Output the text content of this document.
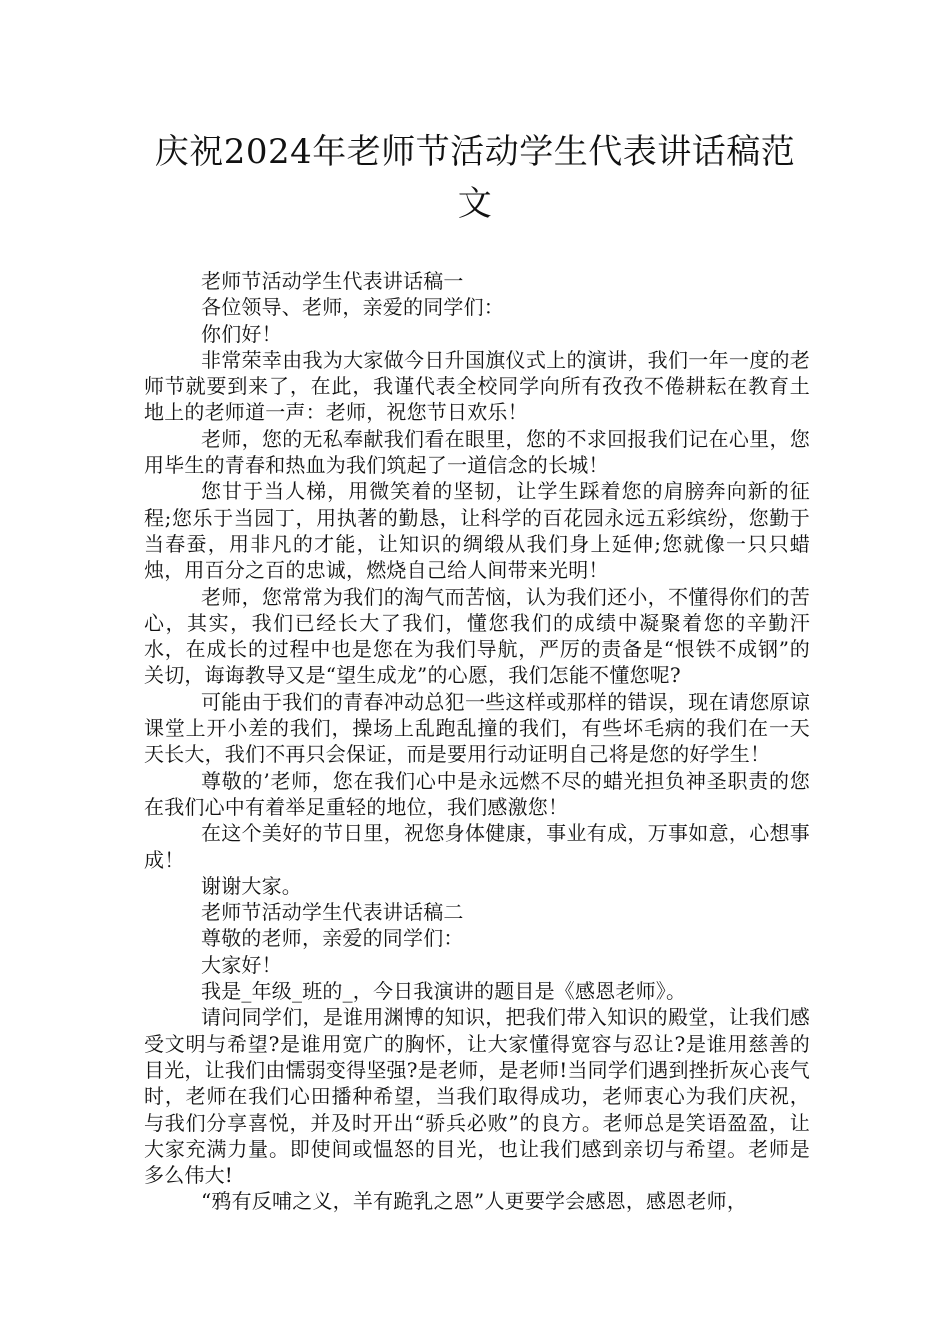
庆祝2024年老师节活动学生代表讲话稿范文

老师节活动学生代表讲话稿一

各位领导、老师，亲爱的同学们：

你们好！

非常荣幸由我为大家做今日升国旗仪式上的演讲，我们一年一度的老师节就要到来了，在此，我谨代表全校同学向所有孜孜不倦耕耘在教育土地上的老师道一声：老师，祝您节日欢乐！

老师，您的无私奉献我们看在眼里，您的不求回报我们记在心里，您用毕生的青春和热血为我们筑起了一道信念的长城！

您甘于当人梯，用微笑着的坚韧，让学生踩着您的肩膀奔向新的征程;您乐于当园丁，用执著的勤恳，让科学的百花园永远五彩缤纷，您勤于当春蚕，用非凡的才能，让知识的绸缎从我们身上延伸;您就像一只只蜡烛，用百分之百的忠诚，燃烧自己给人间带来光明！

老师，您常常为我们的淘气而苦恼，认为我们还小，不懂得你们的苦心，其实，我们已经长大了我们，懂您我们的成绩中凝聚着您的辛勤汗水，在成长的过程中也是您在为我们导航，严厉的责备是“恨铁不成钢”的关切，诲诲教导又是“望生成龙”的心愿，我们怎能不懂您呢?

可能由于我们的青春冲动总犯一些这样或那样的错误，现在请您原谅课堂上开小差的我们，操场上乱跑乱撞的我们，有些坏毛病的我们在一天天长大，我们不再只会保证，而是要用行动证明自己将是您的好学生！

尊敬的’老师，您在我们心中是永远燃不尽的蜡光担负神圣职责的您在我们心中有着举足重轻的地位，我们感激您！

在这个美好的节日里，祝您身体健康，事业有成，万事如意，心想事成！

谢谢大家。

老师节活动学生代表讲话稿二

尊敬的老师，亲爱的同学们：

大家好！

我是_年级_班的_，今日我演讲的题目是《感恩老师》。

请问同学们，是谁用渊博的知识，把我们带入知识的殿堂，让我们感受文明与希望?是谁用宽广的胸怀，让大家懂得宽容与忍让?是谁用慈善的目光，让我们由懦弱变得坚强?是老师，是老师!当同学们遇到挫折灰心丧气时，老师在我们心田播种希望，当我们取得成功，老师衷心为我们庆祝，与我们分享喜悦，并及时开出“骄兵必败”的良方。老师总是笑语盈盈，让大家充满力量。即使间或愠怒的目光，也让我们感到亲切与希望。老师是多么伟大!

“鸦有反哺之义，羊有跪乳之恩”人更要学会感恩，感恩老师，
